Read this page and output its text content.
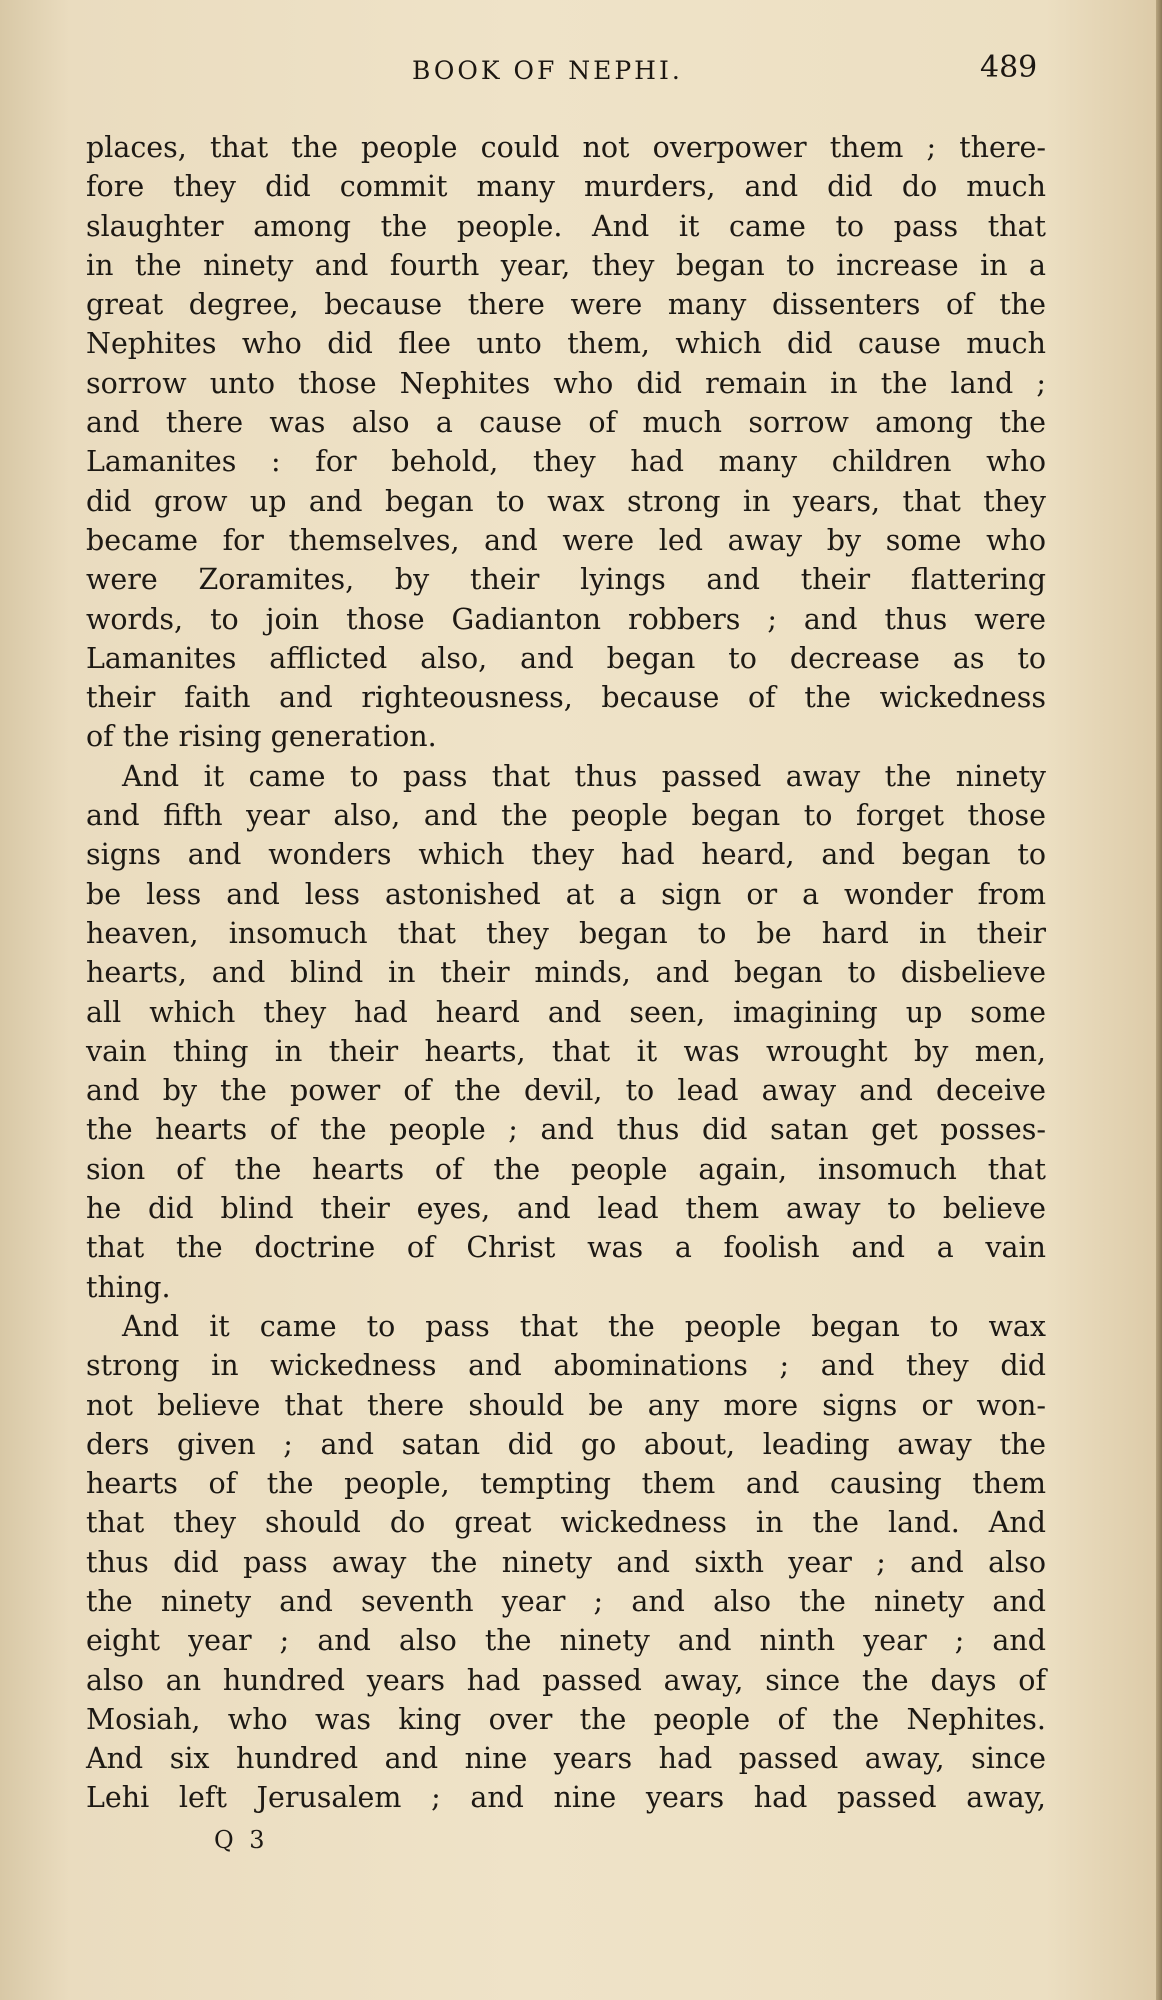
BOOK OF NEPHI.	489
places, that the people could not overpower them ; there-
fore they did commit many murders, and did do much
slaughter among the people. And it came to pass that
in the ninety and fourth year, they began to increase in a
great degree, because there were many dissenters of the
Nephites who did flee unto them, which did cause much
sorrow unto those Nephites who did remain in the land ;
and there was also a cause of much sorrow among the
Lamanites : for behold, they had many children who
did grow up and began to wax strong in years, that they
became for themselves, and were led away by some who
were Zoramites, by their lyings and their flattering
words, to join those Gadianton robbers ; and thus were
Lamanites afflicted also, and began to decrease as to
their faith and righteousness, because of the wickedness
of the rising generation.
And it came to pass that thus passed away the ninety
and fifth year also, and the people began to forget those
signs and wonders which they had heard, and began to
be less and less astonished at a sign or a wonder from
heaven, insomuch that they began to be hard in their
hearts, and blind in their minds, and began to disbelieve
all which they had heard and seen, imagining up some
vain thing in their hearts, that it was wrought by men,
and by the power of the devil, to lead away and deceive
the hearts of the people ; and thus did satan get posses-
sion of the hearts of the people again, insomuch that
he did blind their eyes, and lead them away to believe
that the doctrine of Christ was a foolish and a vain
thing.
And it came to pass that the people began to wax
strong in wickedness and abominations ; and they did
not believe that there should be any more signs or won-
ders given ; and satan did go about, leading away the
hearts of the people, tempting them and causing them
that they should do great wickedness in the land. And
thus did pass away the ninety and sixth year ; and also
the ninety and seventh year ; and also the ninety and
eight year ; and also the ninety and ninth year ; and
also an hundred years had passed away, since the days of
Mosiah, who was king over the people of the Nephites.
And six hundred and nine years had passed away, since
Lehi left Jerusalem ; and nine years had passed away,
Q 3
